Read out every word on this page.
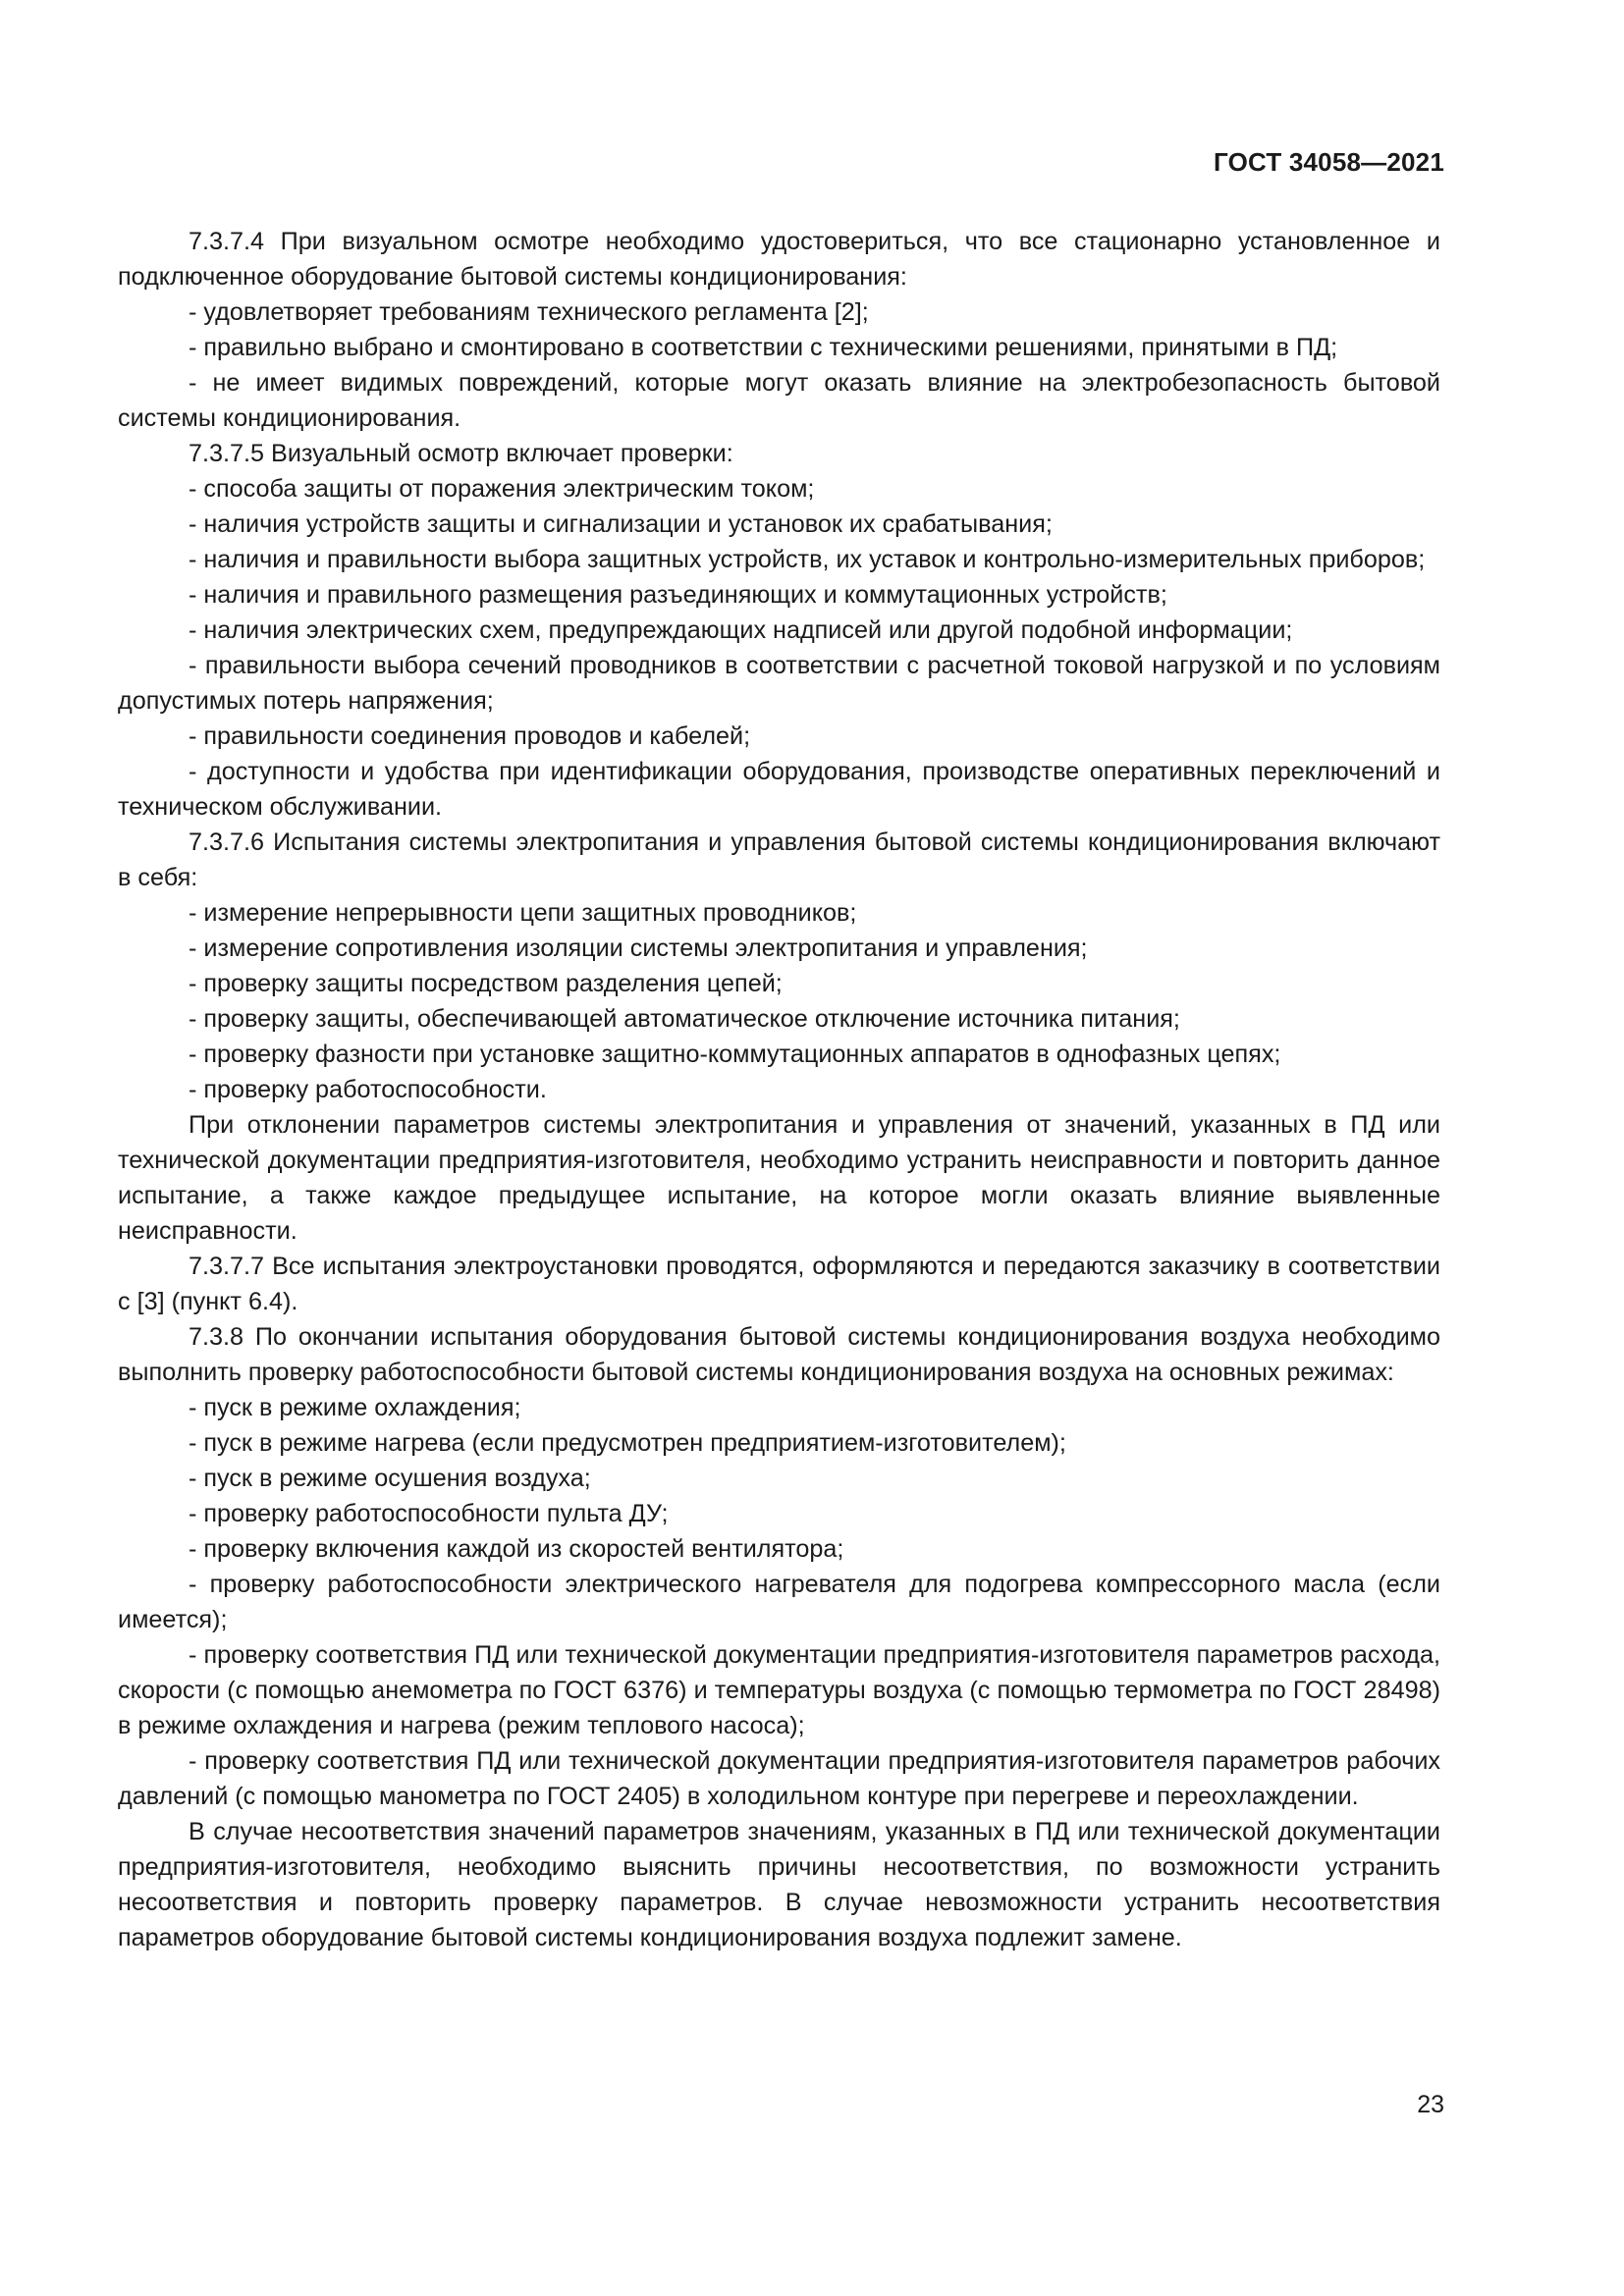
ГОСТ 34058—2021

7.3.7.4 При визуальном осмотре необходимо удостовериться, что все стационарно установленное и подключенное оборудование бытовой системы кондиционирования:

- удовлетворяет требованиям технического регламента [2];

- правильно выбрано и смонтировано в соответствии с техническими решениями, принятыми в ПД;

- не имеет видимых повреждений, которые могут оказать влияние на электробезопасность бытовой системы кондиционирования.

7.3.7.5 Визуальный осмотр включает проверки:

- способа защиты от поражения электрическим током;

- наличия устройств защиты и сигнализации и установок их срабатывания;

- наличия и правильности выбора защитных устройств, их уставок и контрольно-измерительных приборов;

- наличия и правильного размещения разъединяющих и коммутационных устройств;

- наличия электрических схем, предупреждающих надписей или другой подобной информации;

- правильности выбора сечений проводников в соответствии с расчетной токовой нагрузкой и по условиям допустимых потерь напряжения;

- правильности соединения проводов и кабелей;

- доступности и удобства при идентификации оборудования, производстве оперативных переключений и техническом обслуживании.

7.3.7.6 Испытания системы электропитания и управления бытовой системы кондиционирования включают в себя:

- измерение непрерывности цепи защитных проводников;

- измерение сопротивления изоляции системы электропитания и управления;

- проверку защиты посредством разделения цепей;

- проверку защиты, обеспечивающей автоматическое отключение источника питания;

- проверку фазности при установке защитно-коммутационных аппаратов в однофазных цепях;

- проверку работоспособности.

При отклонении параметров системы электропитания и управления от значений, указанных в ПД или технической документации предприятия-изготовителя, необходимо устранить неисправности и повторить данное испытание, а также каждое предыдущее испытание, на которое могли оказать влияние выявленные неисправности.

7.3.7.7 Все испытания электроустановки проводятся, оформляются и передаются заказчику в соответствии с [3] (пункт 6.4).

7.3.8 По окончании испытания оборудования бытовой системы кондиционирования воздуха необходимо выполнить проверку работоспособности бытовой системы кондиционирования воздуха на основных режимах:

- пуск в режиме охлаждения;

- пуск в режиме нагрева (если предусмотрен предприятием-изготовителем);

- пуск в режиме осушения воздуха;

- проверку работоспособности пульта ДУ;

- проверку включения каждой из скоростей вентилятора;

- проверку работоспособности электрического нагревателя для подогрева компрессорного масла (если имеется);

- проверку соответствия ПД или технической документации предприятия-изготовителя параметров расхода, скорости (с помощью анемометра по ГОСТ 6376) и температуры воздуха (с помощью термометра по ГОСТ 28498) в режиме охлаждения и нагрева (режим теплового насоса);

- проверку соответствия ПД или технической документации предприятия-изготовителя параметров рабочих давлений (с помощью манометра по ГОСТ 2405) в холодильном контуре при перегреве и переохлаждении.

В случае несоответствия значений параметров значениям, указанных в ПД или технической документации предприятия-изготовителя, необходимо выяснить причины несоответствия, по возможности устранить несоответствия и повторить проверку параметров. В случае невозможности устранить несоответствия параметров оборудование бытовой системы кондиционирования воздуха подлежит замене.

23
